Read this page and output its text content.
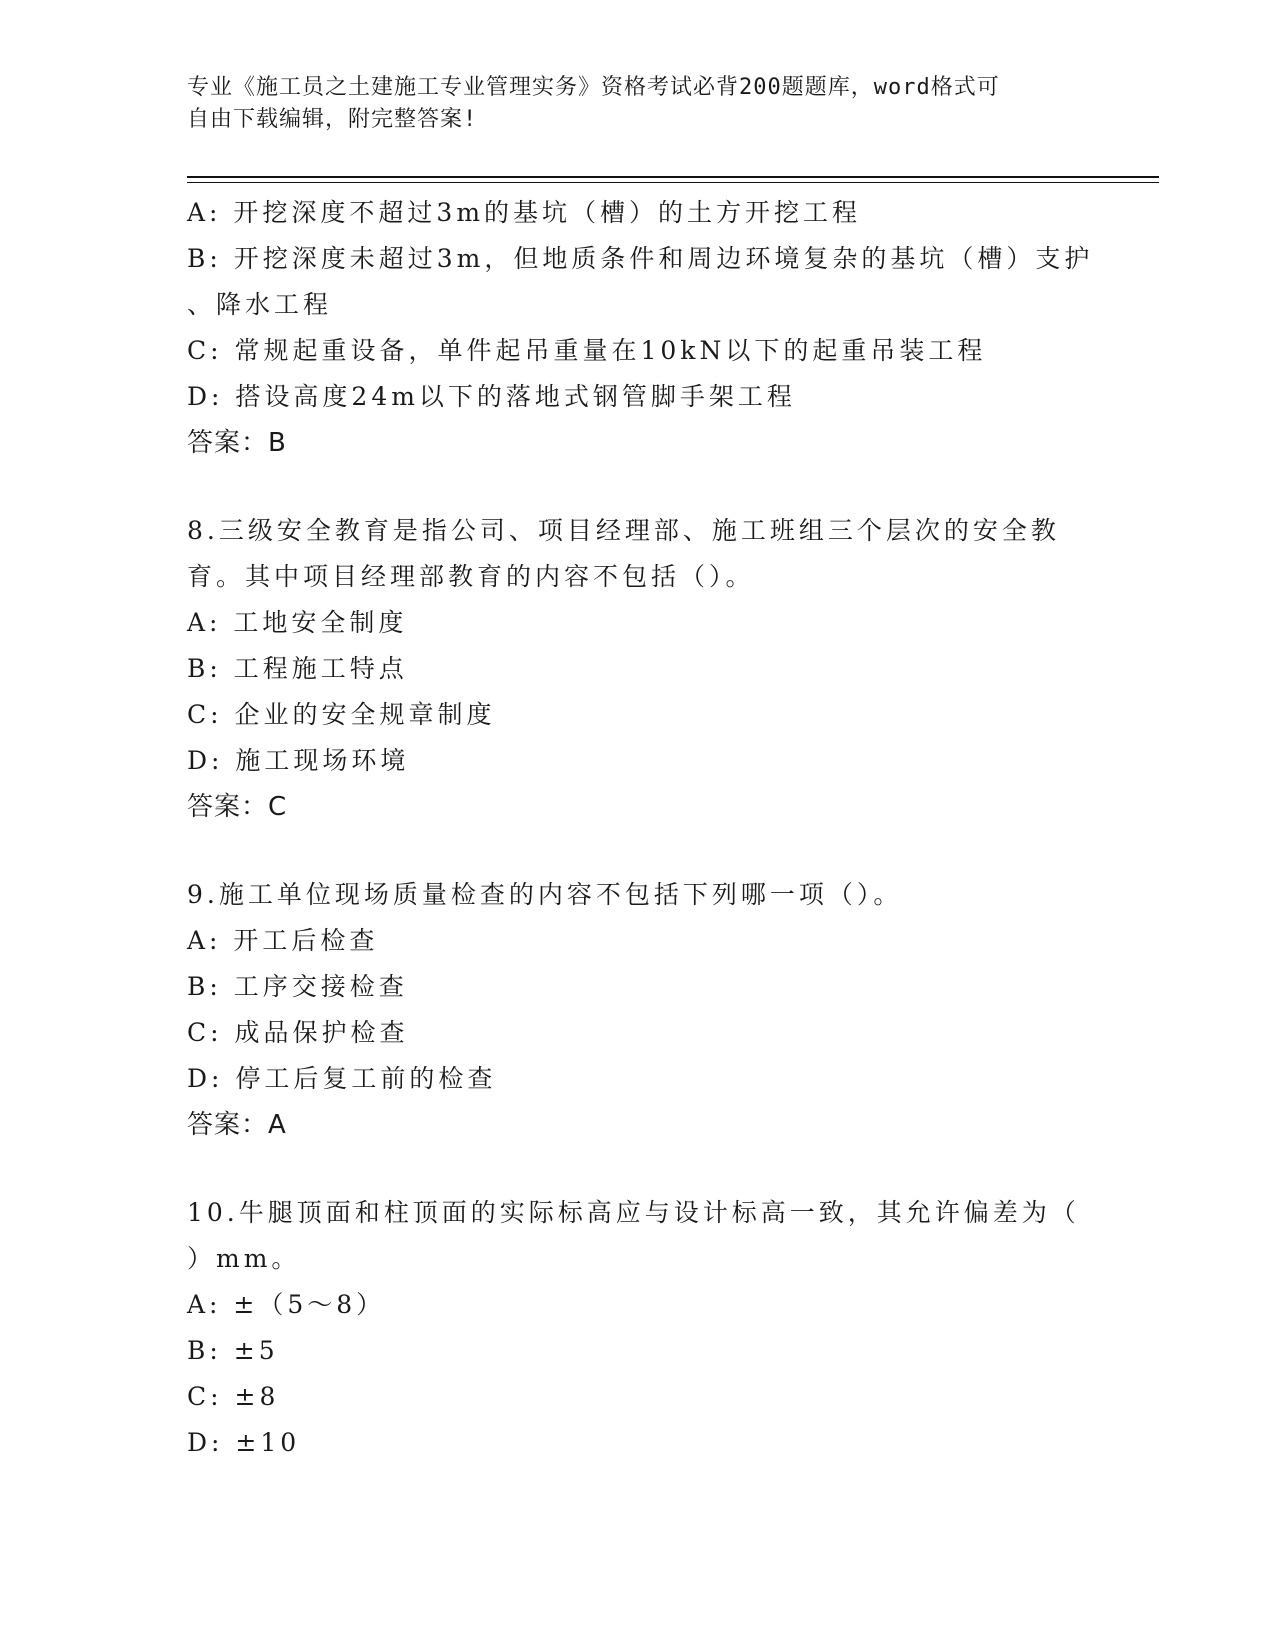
专业《施工员之土建施工专业管理实务》资格考试必背200题题库，word格式可
自由下载编辑，附完整答案!
A: 开挖深度不超过3m的基坑（槽）的土方开挖工程
B: 开挖深度未超过3m，但地质条件和周边环境复杂的基坑（槽）支护
、降水工程
C: 常规起重设备，单件起吊重量在10kN以下的起重吊装工程
D: 搭设高度24m以下的落地式钢管脚手架工程
答案：B
8.三级安全教育是指公司、项目经理部、施工班组三个层次的安全教
育。其中项目经理部教育的内容不包括（）。
A: 工地安全制度
B: 工程施工特点
C: 企业的安全规章制度
D: 施工现场环境
答案：C
9.施工单位现场质量检查的内容不包括下列哪一项（）。
A: 开工后检查
B: 工序交接检查
C: 成品保护检查
D: 停工后复工前的检查
答案：A
10.牛腿顶面和柱顶面的实际标高应与设计标高一致，其允许偏差为（
）mm。
A: ±（5～8）
B: ±5
C: ±8
D: ±10
